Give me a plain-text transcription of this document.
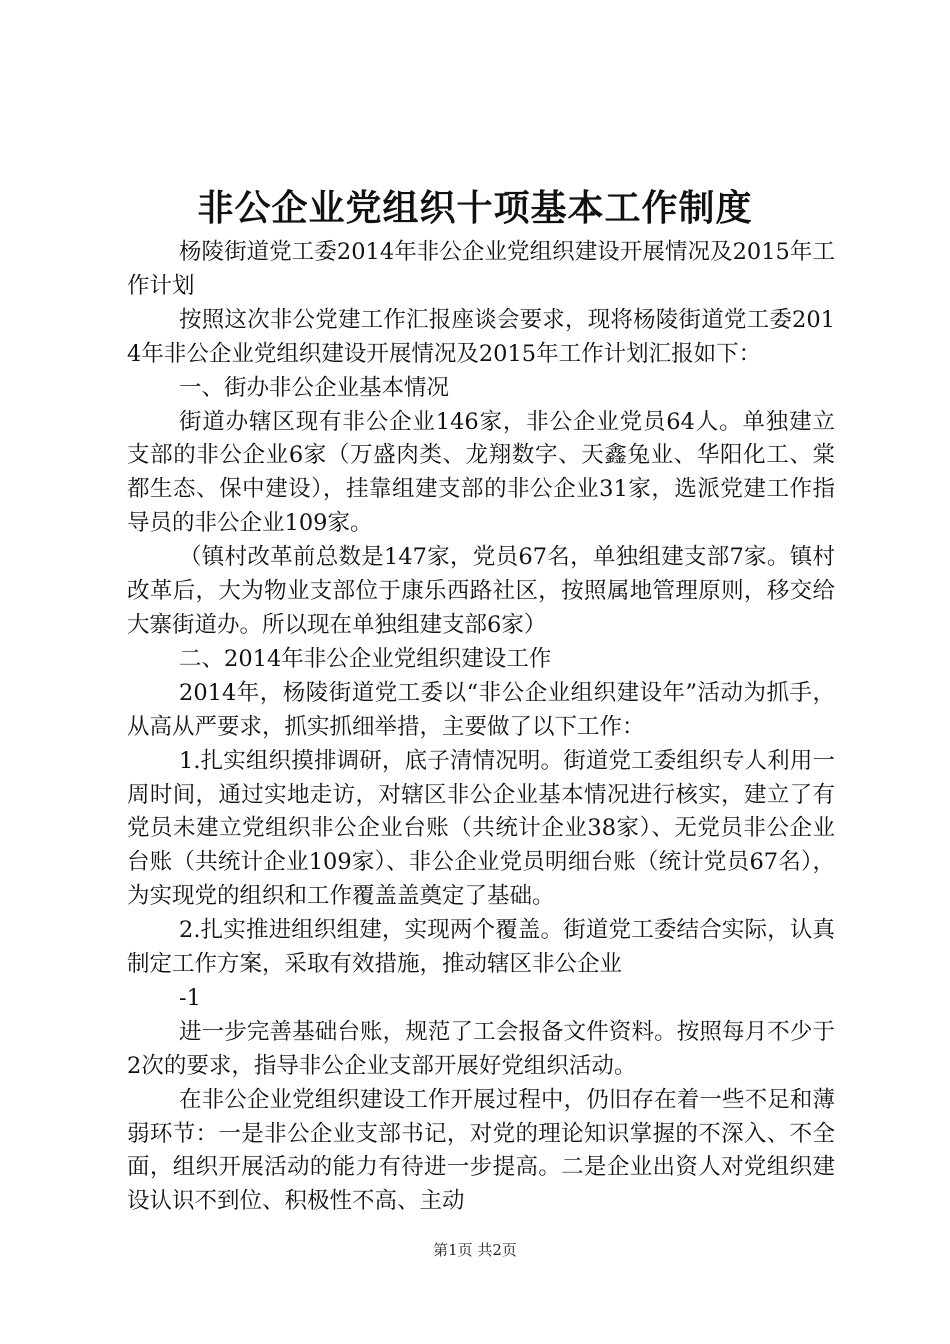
非公企业党组织十项基本工作制度

杨陵街道党工委2014年非公企业党组织建设开展情况及2015年工作计划

按照这次非公党建工作汇报座谈会要求，现将杨陵街道党工委2014年非公企业党组织建设开展情况及2015年工作计划汇报如下：

一、街办非公企业基本情况

街道办辖区现有非公企业146家，非公企业党员64人。单独建立支部的非公企业6家（万盛肉类、龙翔数字、天鑫兔业、华阳化工、棠都生态、保中建设），挂靠组建支部的非公企业31家，选派党建工作指导员的非公企业109家。

（镇村改革前总数是147家，党员67名，单独组建支部7家。镇村改革后，大为物业支部位于康乐西路社区，按照属地管理原则，移交给大寨街道办。所以现在单独组建支部6家）

二、2014年非公企业党组织建设工作

2014年，杨陵街道党工委以“非公企业组织建设年”活动为抓手，从高从严要求，抓实抓细举措，主要做了以下工作：

1.扎实组织摸排调研，底子清情况明。街道党工委组织专人利用一周时间，通过实地走访，对辖区非公企业基本情况进行核实，建立了有党员未建立党组织非公企业台账（共统计企业38家）、无党员非公企业台账（共统计企业109家）、非公企业党员明细台账（统计党员67名），为实现党的组织和工作覆盖盖奠定了基础。

2.扎实推进组织组建，实现两个覆盖。街道党工委结合实际，认真制定工作方案，采取有效措施，推动辖区非公企业

-1

进一步完善基础台账，规范了工会报备文件资料。按照每月不少于2次的要求，指导非公企业支部开展好党组织活动。

在非公企业党组织建设工作开展过程中，仍旧存在着一些不足和薄弱环节：一是非公企业支部书记，对党的理论知识掌握的不深入、不全面，组织开展活动的能力有待进一步提高。二是企业出资人对党组织建设认识不到位、积极性不高、主动

第1页 共2页
